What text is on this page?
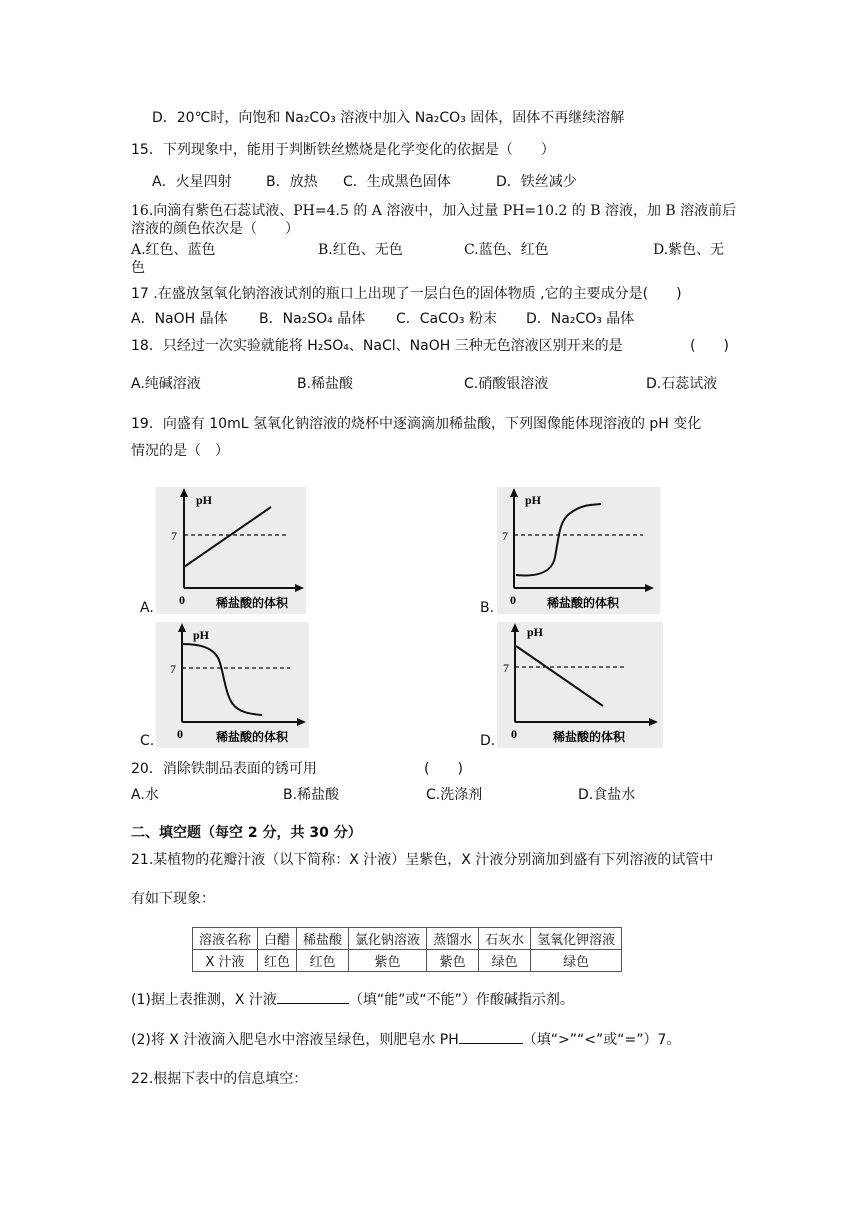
D．20℃时，向饱和 Na₂CO₃ 溶液中加入 Na₂CO₃ 固体，固体不再继续溶解
15．下列现象中，能用于判断铁丝燃烧是化学变化的依据是（　　）
A．火星四射 B．放热 C．生成黑色固体	D．铁丝减少
16.向滴有紫色石蕊试液、PH=4.5 的 A 溶液中，加入过量 PH=10.2 的 B 溶液，加 B 溶液前后
溶液的颜色依次是（　　）
A.红色、蓝色	B.红色、无色	C.蓝色、红色	D.紫色、无
色
17 .在盛放氢氧化钠溶液试剂的瓶口上出现了一层白色的固体物质 ,它的主要成分是(　　)
A．NaOH 晶体 B．Na₂SO₄ 晶体 C．CaCO₃ 粉末 D．Na₂CO₃ 晶体
18．只经过一次实验就能将 H₂SO₄、NaCl、NaOH 三种无色溶液区别开来的是	(　　)
A.纯碱溶液	B.稀盐酸	C.硝酸银溶液	D.石蕊试液
19．向盛有 10mL 氢氧化钠溶液的烧杯中逐滴滴加稀盐酸，下列图像能体现溶液的 pH 变化
情况的是（　）
pH
7
0	稀盐酸的体积
A.
pH
7
0	稀盐酸的体积
B.
pH
7
0	稀盐酸的体积
C.
pH
7
0	稀盐酸的体积
D.
20．消除铁制品表面的锈可用	(　　)
A.水	B.稀盐酸	C.洗涤剂	D.食盐水
二、填空题（每空 2 分，共 30 分）
21.某植物的花瓣汁液（以下简称：X 汁液）呈紫色，X 汁液分别滴加到盛有下列溶液的试管中
有如下现象：
溶液名称	白醋	稀盐酸	氯化钠溶液	蒸馏水	石灰水	氢氧化钾溶液
X 汁液	红色	红色	紫色	紫色	绿色	绿色
(1)据上表推测，X 汁液	（填“能”或“不能”）作酸碱指示剂。
(2)将 X 汁液滴入肥皂水中溶液呈绿色，则肥皂水 PH	（填“>”“<”或“=”）7。
22.根据下表中的信息填空：
